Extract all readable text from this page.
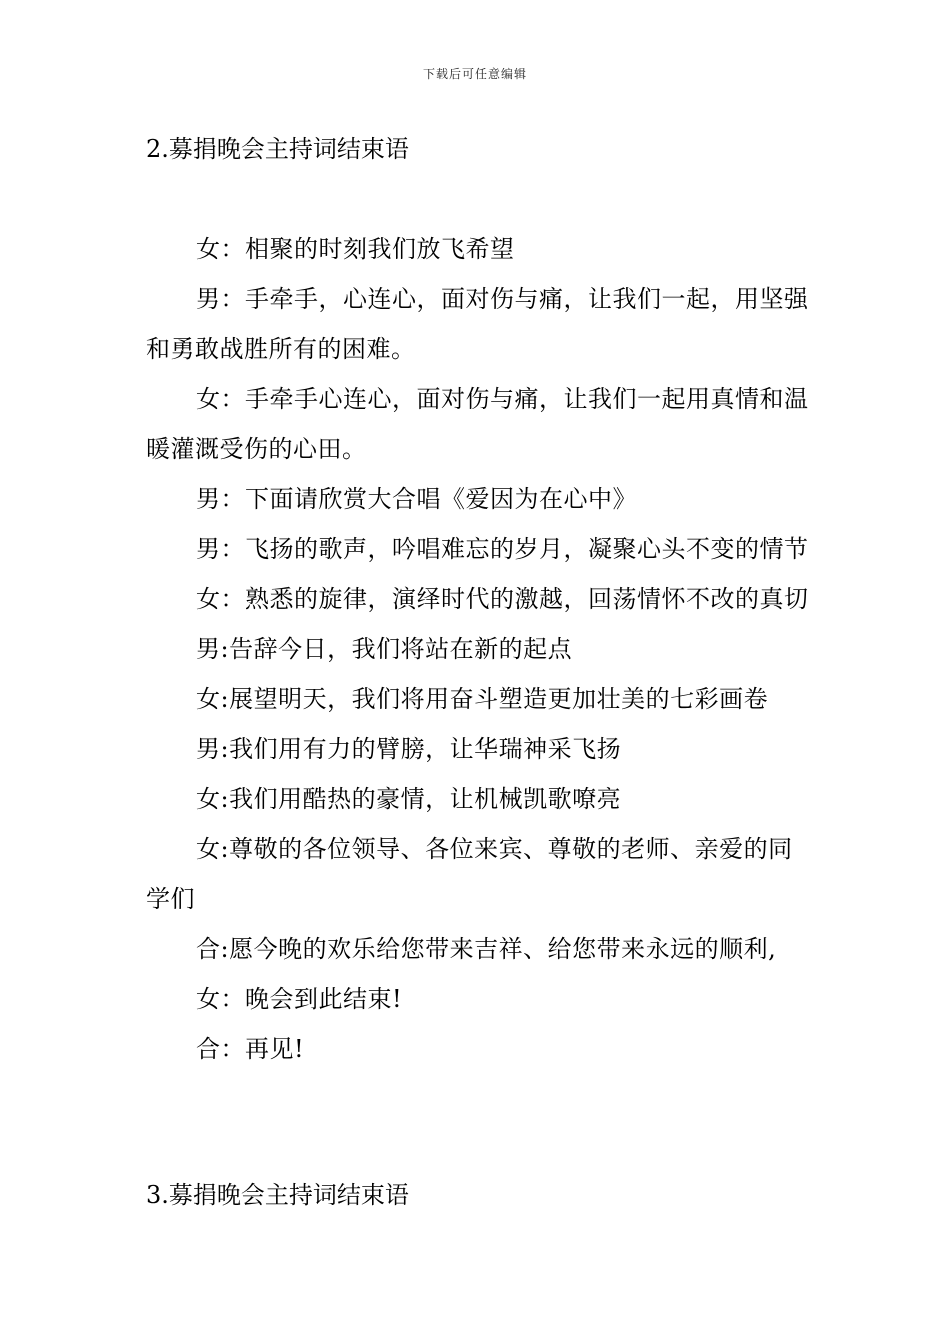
下载后可任意编辑
2.募捐晚会主持词结束语

女：相聚的时刻我们放飞希望

男：手牵手，心连心，面对伤与痛，让我们一起，用坚强和勇敢战胜所有的困难。

女：手牵手心连心，面对伤与痛，让我们一起用真情和温暖灌溉受伤的心田。

男：下面请欣赏大合唱《爱因为在心中》

男：飞扬的歌声，吟唱难忘的岁月，凝聚心头不变的情节

女：熟悉的旋律，演绎时代的激越，回荡情怀不改的真切

男:告辞今日，我们将站在新的起点

女:展望明天，我们将用奋斗塑造更加壮美的七彩画卷

男:我们用有力的臂膀，让华瑞神采飞扬

女:我们用酷热的豪情，让机械凯歌嘹亮

女:尊敬的各位领导、各位来宾、尊敬的老师、亲爱的同学们

合:愿今晚的欢乐给您带来吉祥、给您带来永远的顺利,

女：晚会到此结束!

合：再见!

3.募捐晚会主持词结束语
